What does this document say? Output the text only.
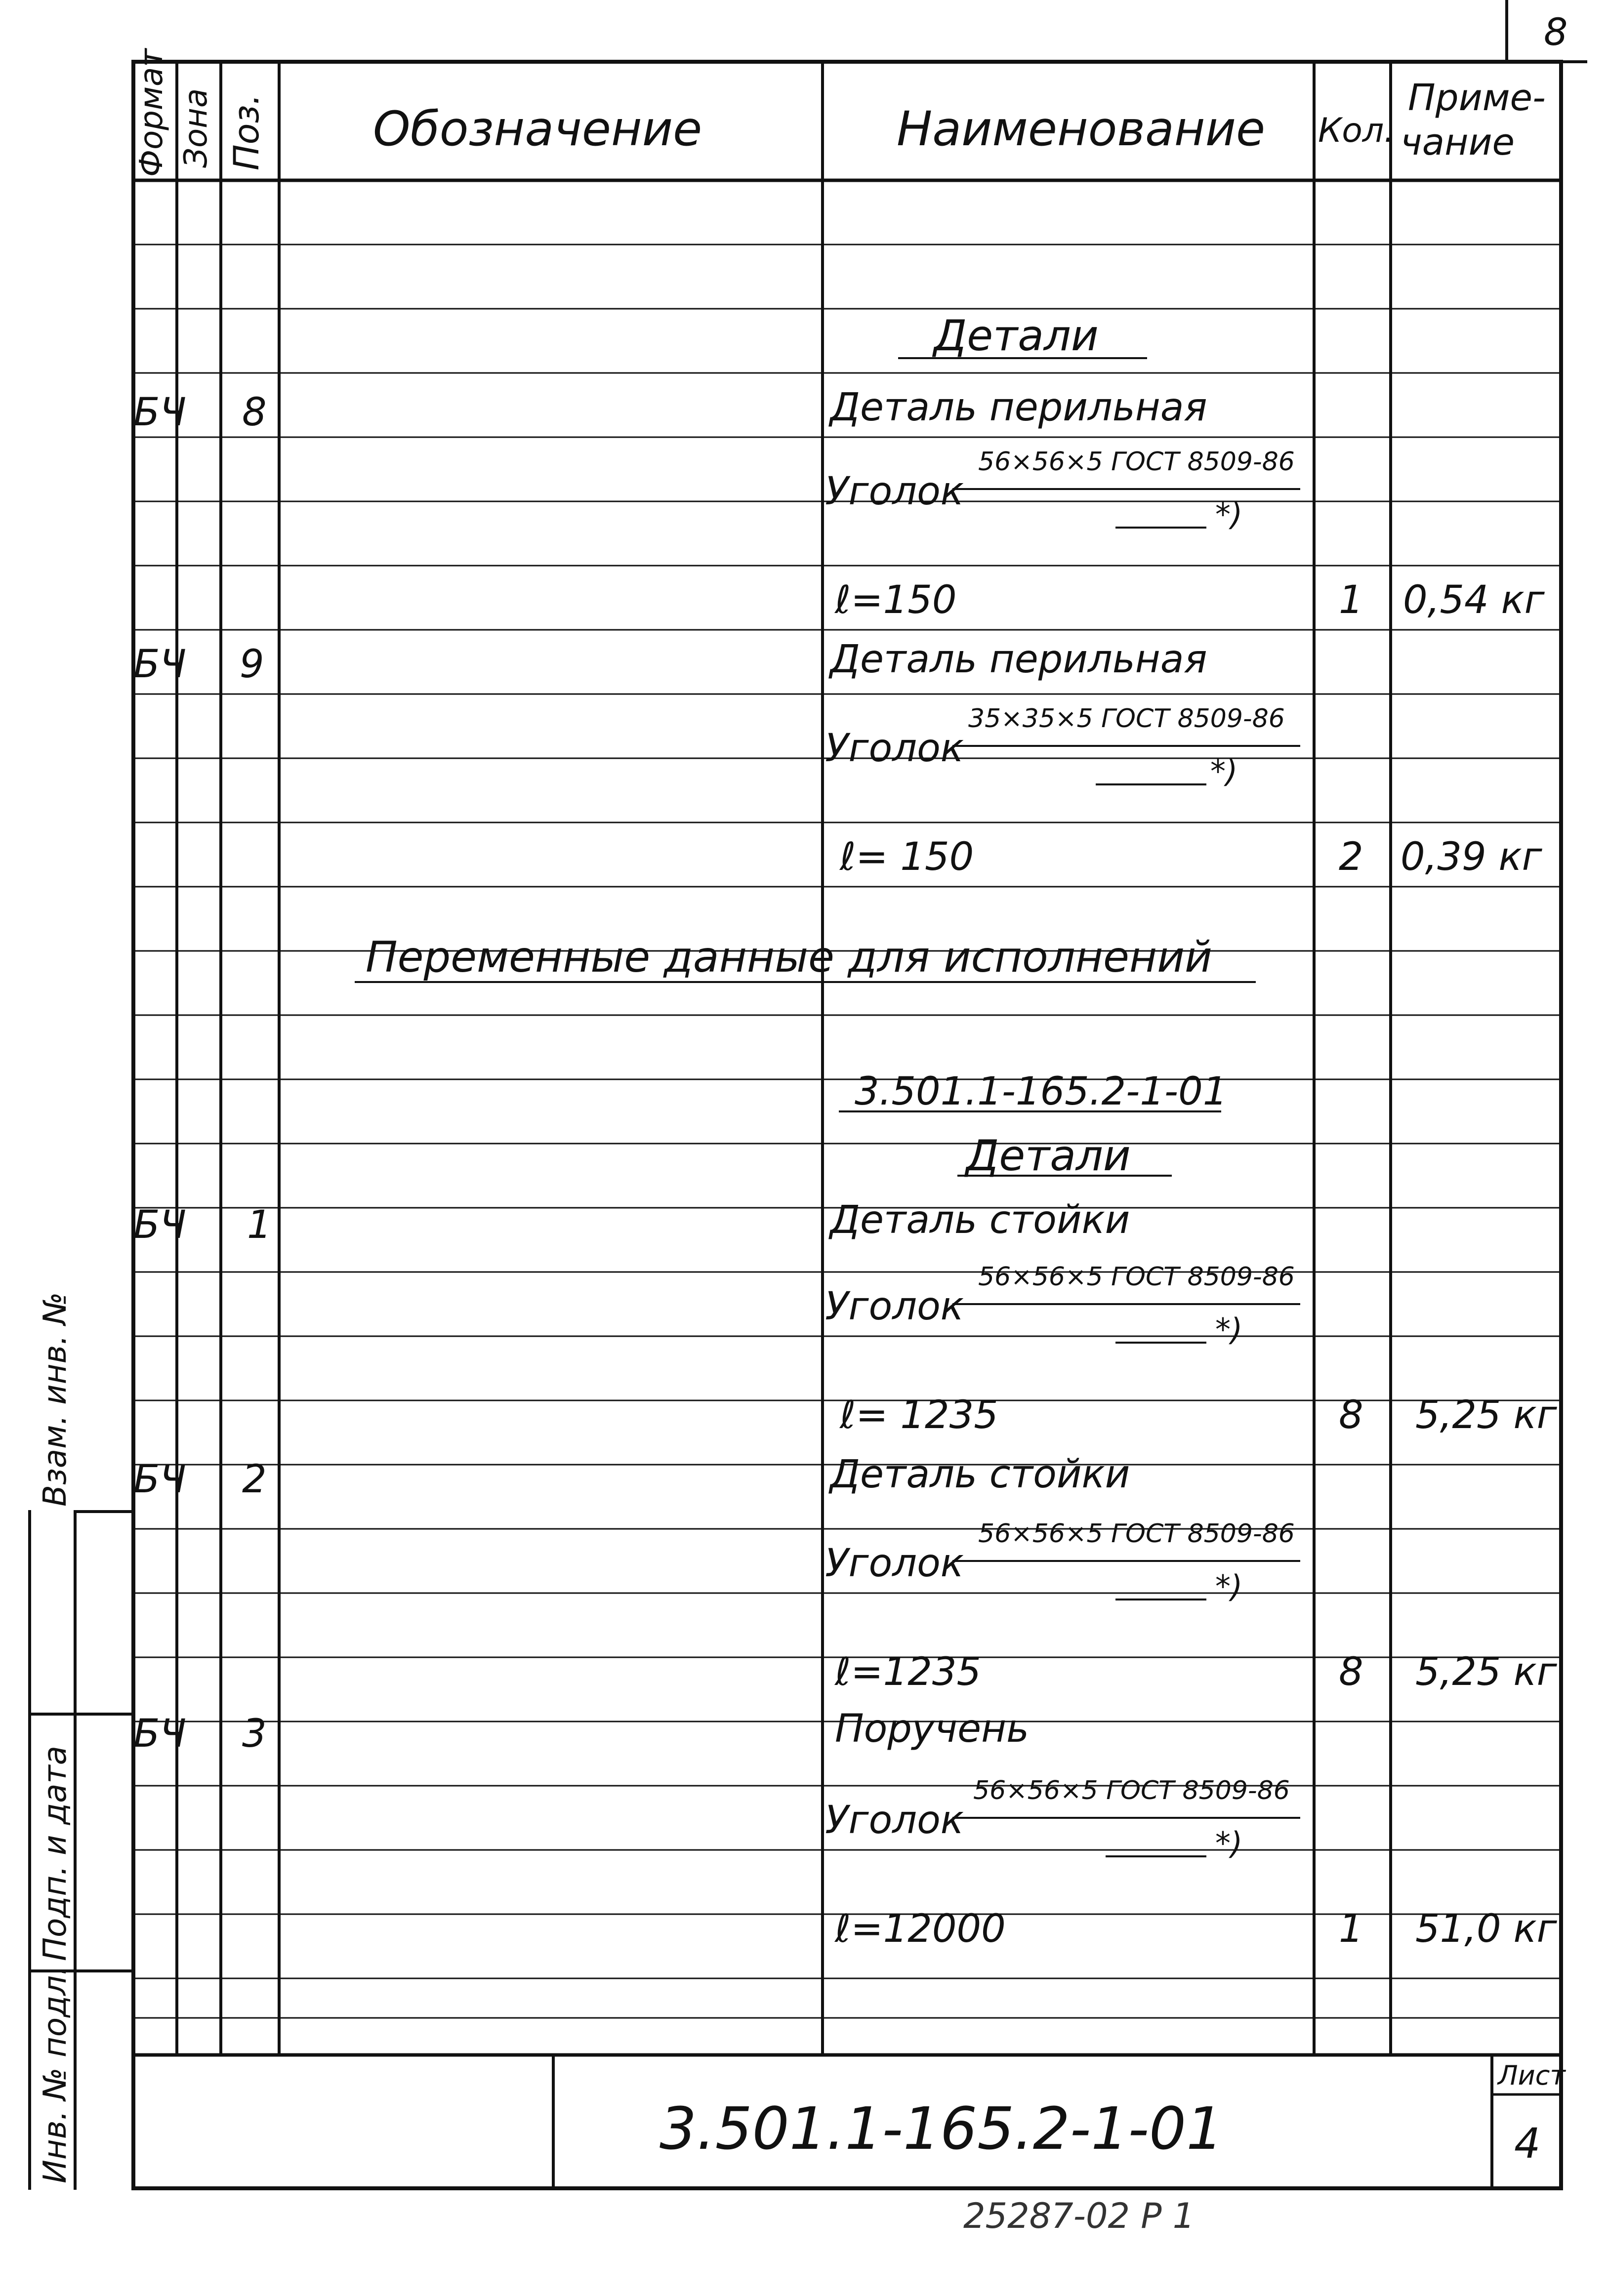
8
Формат Зона Поз. Обозначение	Наименование Кол.
Приме-
чание
Детали
БЧ 8	Деталь перильная
Уголок
56×56×5 ГОСТ 8509-86
*)
ℓ=150	1 0,54 кг
БЧ 9	Деталь перильная
Уголок
35×35×5 ГОСТ 8509-86
*)
ℓ= 150	2 0,39 кг
Переменные данные для исполнений
3.501.1-165.2-1-01
Детали
БЧ 1	Деталь стойки
Уголок
56×56×5 ГОСТ 8509-86
*)
ℓ= 1235	8 5,25 кг
БЧ 2	Деталь стойки
Уголок
56×56×5 ГОСТ 8509-86
*)
ℓ=1235	8 5,25 кг
БЧ 3	Поручень
Уголок
56×56×5 ГОСТ 8509-86
*)
ℓ=12000	1 51,0 кг
Взам. инв. №
Подп. и дата
Инв. № подл.	3.501.1-165.2-1-01
Лист
4
25287-02 Р 1
